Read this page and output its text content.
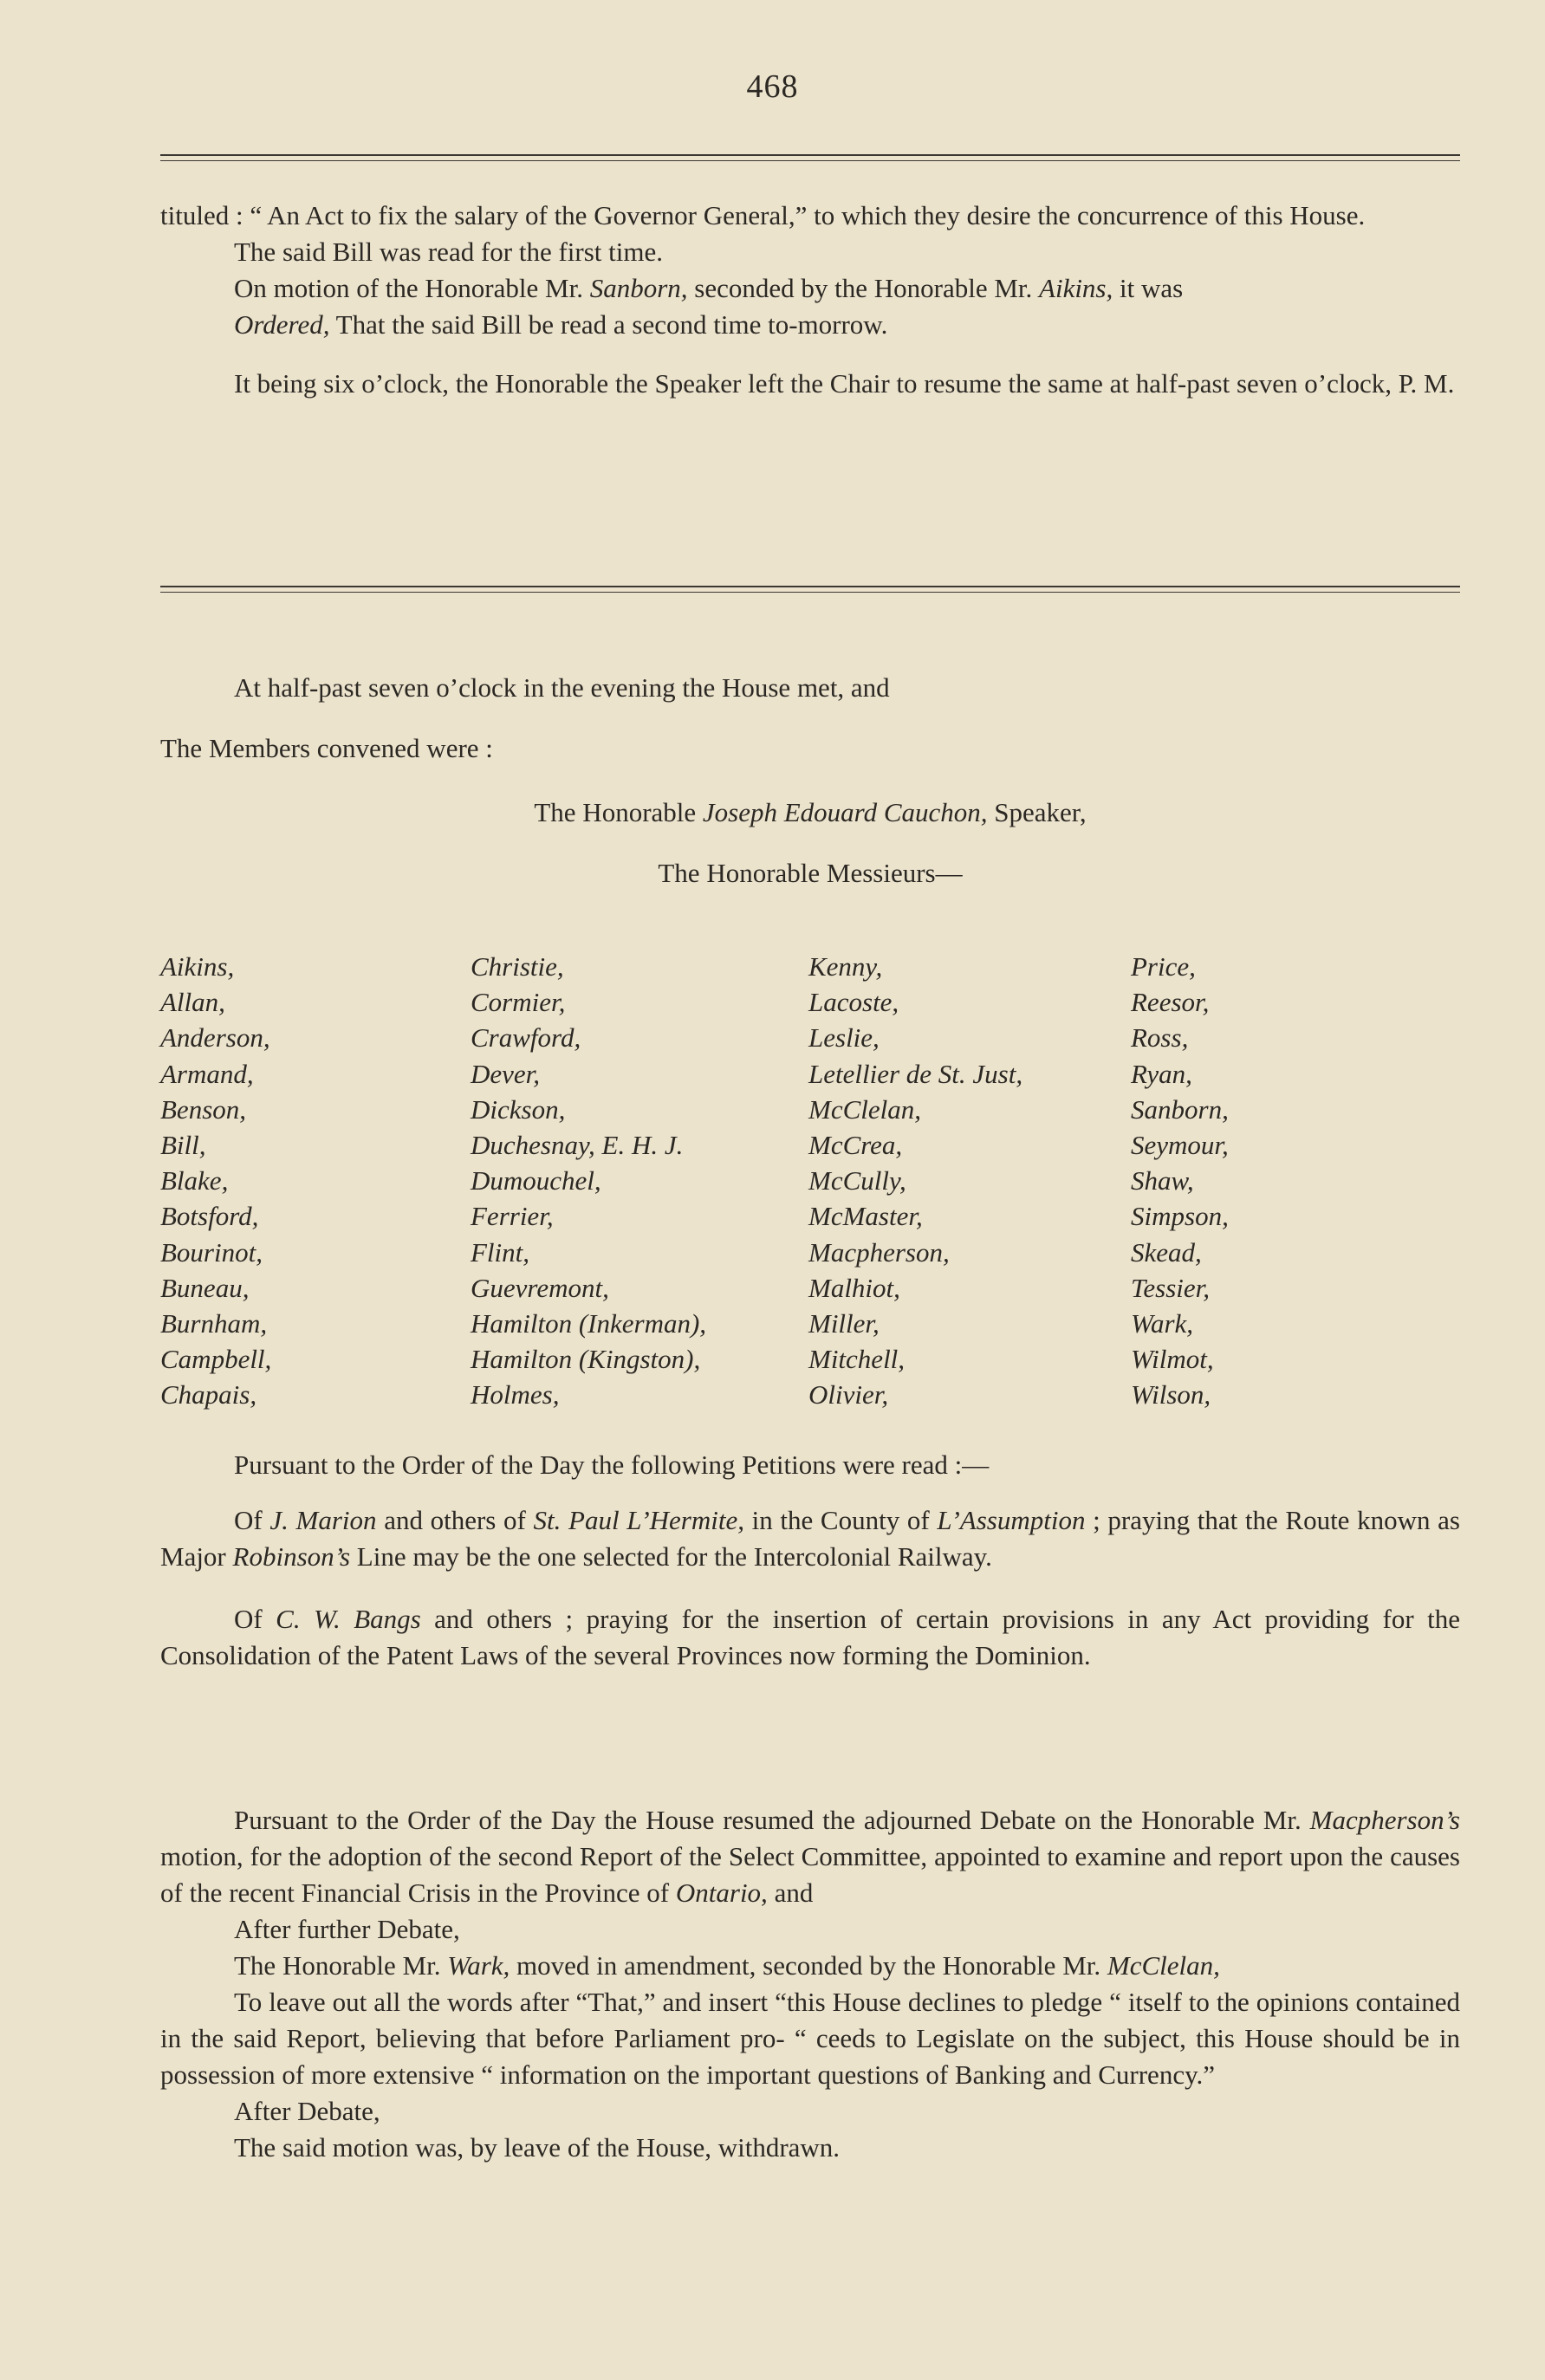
468

tituled : “ An Act to fix the salary of the Governor General,” to which they desire the concurrence of this House.

The said Bill was read for the first time.

On motion of the Honorable Mr. Sanborn, seconded by the Honorable Mr. Aikins, it was

Ordered, That the said Bill be read a second time to-morrow.

It being six o’clock, the Honorable the Speaker left the Chair to resume the same at half-past seven o’clock, P. M.

At half-past seven o’clock in the evening the House met, and

The Members convened were :

The Honorable Joseph Edouard Cauchon, Speaker,

The Honorable Messieurs—

Aikins,
Allan,
Anderson,
Armand,
Benson,
Bill,
Blake,
Botsford,
Bourinot,
Buneau,
Burnham,
Campbell,
Chapais,
Christie,
Cormier,
Crawford,
Dever,
Dickson,
Duchesnay, E. H. J.
Dumouchel,
Ferrier,
Flint,
Guevremont,
Hamilton (Inkerman),
Hamilton (Kingston),
Holmes,
Kenny,
Lacoste,
Leslie,
Letellier de St. Just,
McClelan,
McCrea,
McCully,
McMaster,
Macpherson,
Malhiot,
Miller,
Mitchell,
Olivier,
Price,
Reesor,
Ross,
Ryan,
Sanborn,
Seymour,
Shaw,
Simpson,
Skead,
Tessier,
Wark,
Wilmot,
Wilson,

Pursuant to the Order of the Day the following Petitions were read :—

Of J. Marion and others of St. Paul L’Hermite, in the County of L’Assumption ; praying that the Route known as Major Robinson’s Line may be the one selected for the Intercolonial Railway.

Of C. W. Bangs and others ; praying for the insertion of certain provisions in any Act providing for the Consolidation of the Patent Laws of the several Provinces now forming the Dominion.

Pursuant to the Order of the Day the House resumed the adjourned Debate on the Honorable Mr. Macpherson’s motion, for the adoption of the second Report of the Select Committee, appointed to examine and report upon the causes of the recent Financial Crisis in the Province of Ontario, and

After further Debate,

The Honorable Mr. Wark, moved in amendment, seconded by the Honorable Mr. McClelan,

To leave out all the words after “That,” and insert “this House declines to pledge “ itself to the opinions contained in the said Report, believing that before Parliament pro- “ ceeds to Legislate on the subject, this House should be in possession of more extensive “ information on the important questions of Banking and Currency.”

After Debate,

The said motion was, by leave of the House, withdrawn.
